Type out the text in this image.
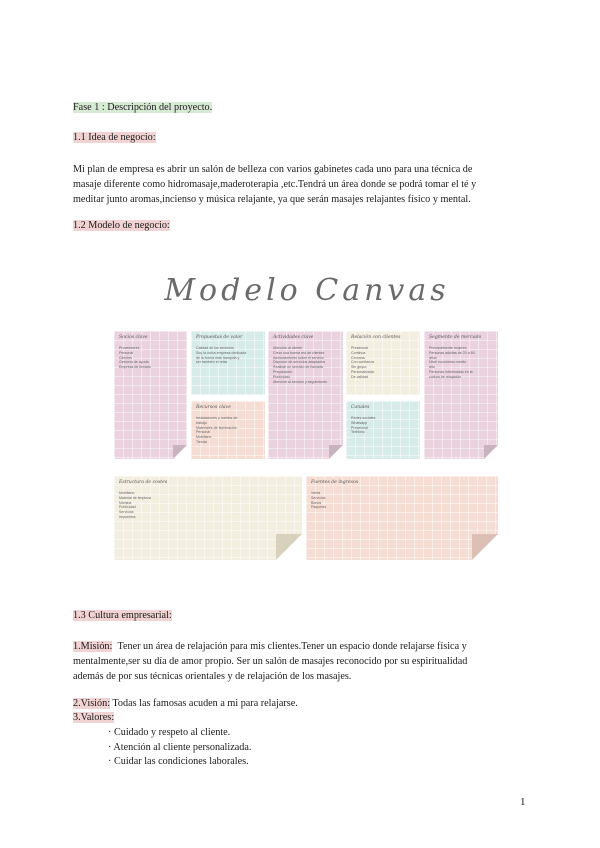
Fase 1 : Descripción del proyecto.
1.1 Idea de negocio:
Mi plan de empresa es abrir un salón de belleza con varios gabinetes cada uno para una técnica de
masaje diferente como hidromasaje,maderoterapia ,etc.Tendrá un área donde se podrá tomar el té y
meditar junto aromas,incienso y música relajante, ya que serán masajes relajantes físico y mental.
1.2 Modelo de negocio:
Modelo Canvas
Socios clave
Proveedores
Personal
Clientes
Gestoría de ayuda
Empresa de llenado
Propuestas de valor
Calidad de los servicios
Soy la única empresa dedicada
de la forma más tranquila y
ser también el relax
Recursos clave
Instalaciones y medios de
trabajo
Materiales de Iluminación
Personal
Mobiliario
Tienda
Actividades clave
Atención al cliente
Crear una buena red de clientes
Asesoramiento sobre el servicio
Disponer de servicios adaptados
Realizar un servicio de llamada
Preparación
Publicidad
Atención al servicio y seguimiento
Relación con clientes
Presencial
Continua
Cercana
Con confianza
Sin grupo
Personalizada
De calidad
Canales
Redes sociales
Whatsapp
Presencial
Teléfono
Segmento de mercado
Principalmente mujeres
Personas adultas de 20 a 60
años
Nivel económico medio
alto
Personas interesadas en la
cultura de relajación
Estructura de costes
Mobiliario
Material de limpieza
Nómina
Publicidad
Servicios
Impuestos
Fuentes de ingresos
Venta
Servicios
Bonos
Paquetes
1.3 Cultura empresarial:
1.Misión: Tener un área de relajación para mis clientes.Tener un espacio donde relajarse física y
mentalmente,ser su día de amor propio. Ser un salón de masajes reconocido por su espiritualidad
además de por sus técnicas orientales y de relajación de los masajes.
2.Visión: Todas las famosas acuden a mi para relajarse.
3.Valores:
· Cuidado y respeto al cliente.
· Atención al cliente personalizada.
· Cuidar las condiciones laborales.
1
